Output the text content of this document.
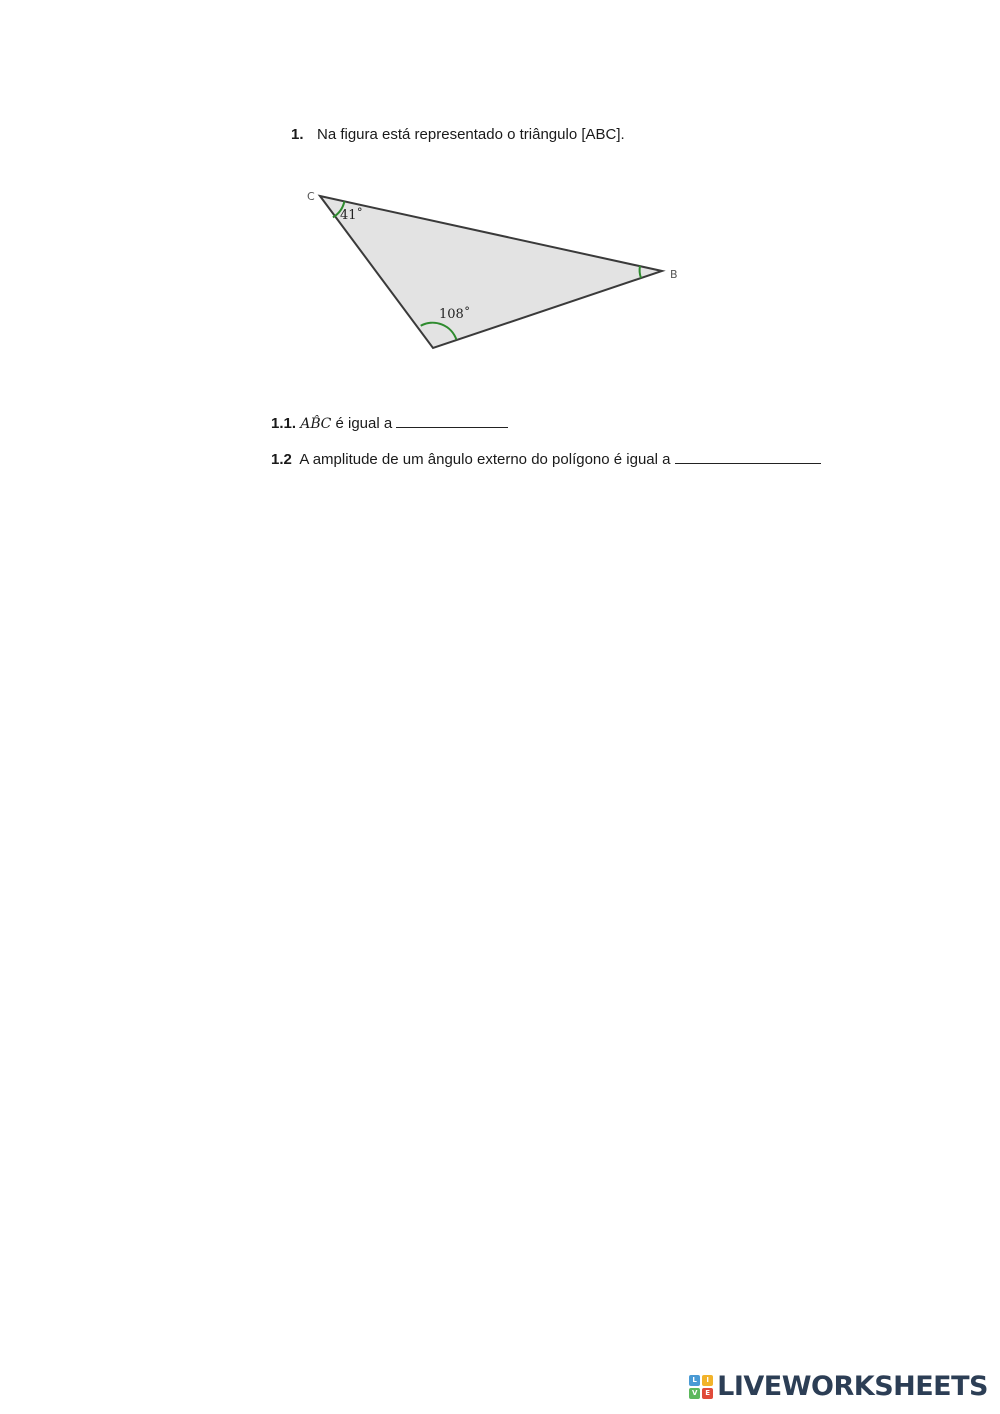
1. Na figura está representado o triângulo [ABC].
C
B
41˚
108˚
1.1. AB̂C é igual a
1.2 A amplitude de um ângulo externo do polígono é igual a
L	I
V	E LIVEWORKSHEETS
